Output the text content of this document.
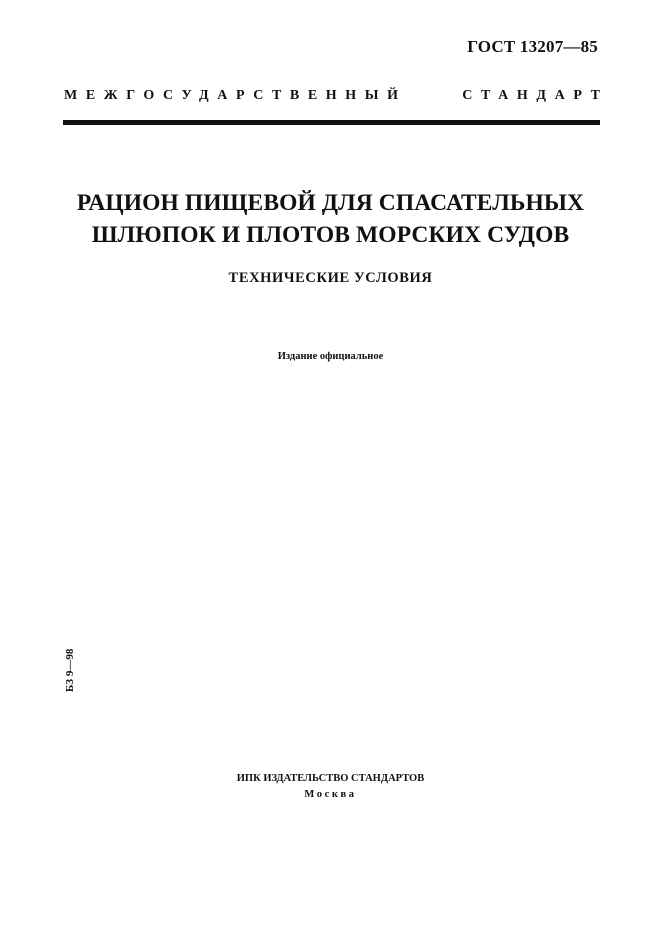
ГОСТ 13207—85
МЕЖГОСУДАРСТВЕННЫЙ	СТАНДАРТ
РАЦИОН ПИЩЕВОЙ ДЛЯ СПАСАТЕЛЬНЫХ
ШЛЮПОК И ПЛОТОВ МОРСКИХ СУДОВ
ТЕХНИЧЕСКИЕ УСЛОВИЯ
Издание официальное
БЗ 9—98
ИПК ИЗДАТЕЛЬСТВО СТАНДАРТОВ
Москва
